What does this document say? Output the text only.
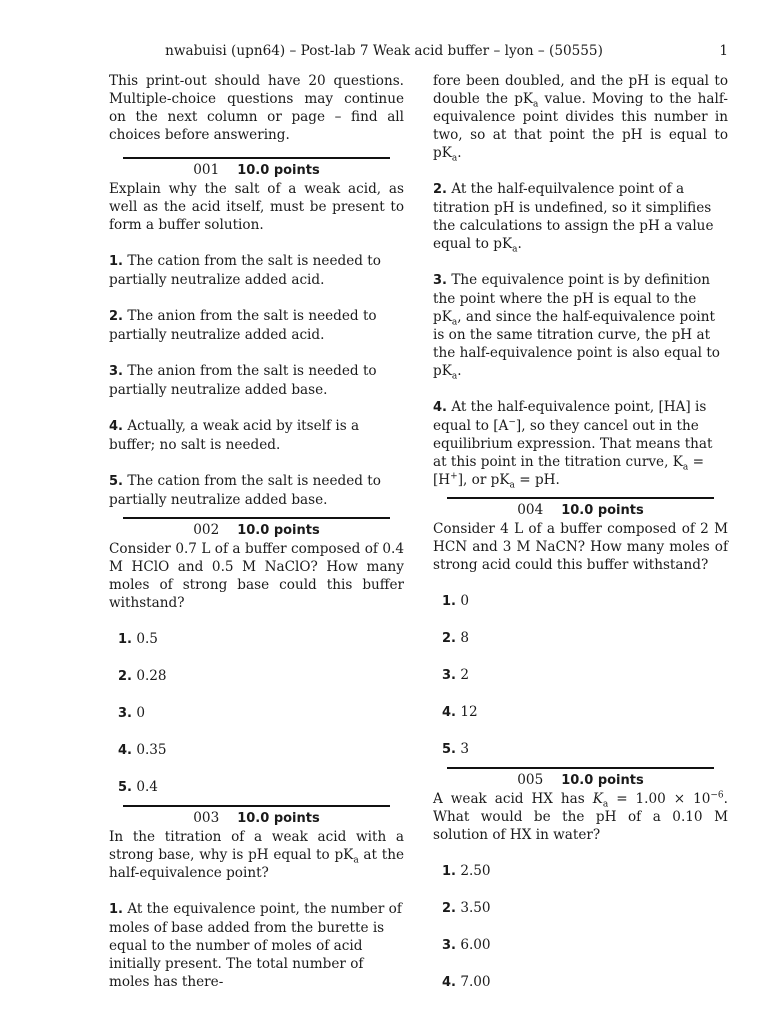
nwabuisi (upn64) – Post-lab 7 Weak acid buffer – lyon – (50555)	1

This print-out should have 20 questions. Multiple-choice questions may continue on the next column or page – find all choices before answering.

001 10.0 points

Explain why the salt of a weak acid, as well as the acid itself, must be present to form a buffer solution.

1. The cation from the salt is needed to partially neutralize added acid.
2. The anion from the salt is needed to partially neutralize added acid.
3. The anion from the salt is needed to partially neutralize added base.
4. Actually, a weak acid by itself is a buffer; no salt is needed.
5. The cation from the salt is needed to partially neutralize added base.
002 10.0 points

Consider 0.7 L of a buffer composed of 0.4 M HClO and 0.5 M NaClO? How many moles of strong base could this buffer withstand?

1. 0.5
2. 0.28
3. 0
4. 0.35
5. 0.4
003 10.0 points

In the titration of a weak acid with a strong base, why is pH equal to $pK_a$ at the half-equivalence point?

1. At the equivalence point, the number of moles of base added from the burette is equal to the number of moles of acid initially present. The total number of moles has there-

fore been doubled, and the pH is equal to double the $pK_a$ value. Moving to the half-equivalence point divides this number in two, so at that point the pH is equal to $pK_a$.

2. At the half-equilvalence point of a titration pH is undefined, so it simplifies the calculations to assign the pH a value equal to $pK_a$.
3. The equivalence point is by definition the point where the pH is equal to the $pK_a$, and since the half-equivalence point is on the same titration curve, the pH at the half-equivalence point is also equal to $pK_a$.
4. At the half-equivalence point, [HA] is equal to [A−], so they cancel out in the equilibrium expression. That means that at this point in the titration curve, $K_a = [H^+]$, or $pK_a$ = pH.
004 10.0 points

Consider 4 L of a buffer composed of 2 M HCN and 3 M NaCN? How many moles of strong acid could this buffer withstand?

1. 0
2. 8
3. 2
4. 12
5. 3
005 10.0 points

A weak acid HX has $K_a = 1.00 \times 10^{-6}$. What would be the pH of a 0.10 M solution of HX in water?

1. 2.50
2. 3.50
3. 6.00
4. 7.00
